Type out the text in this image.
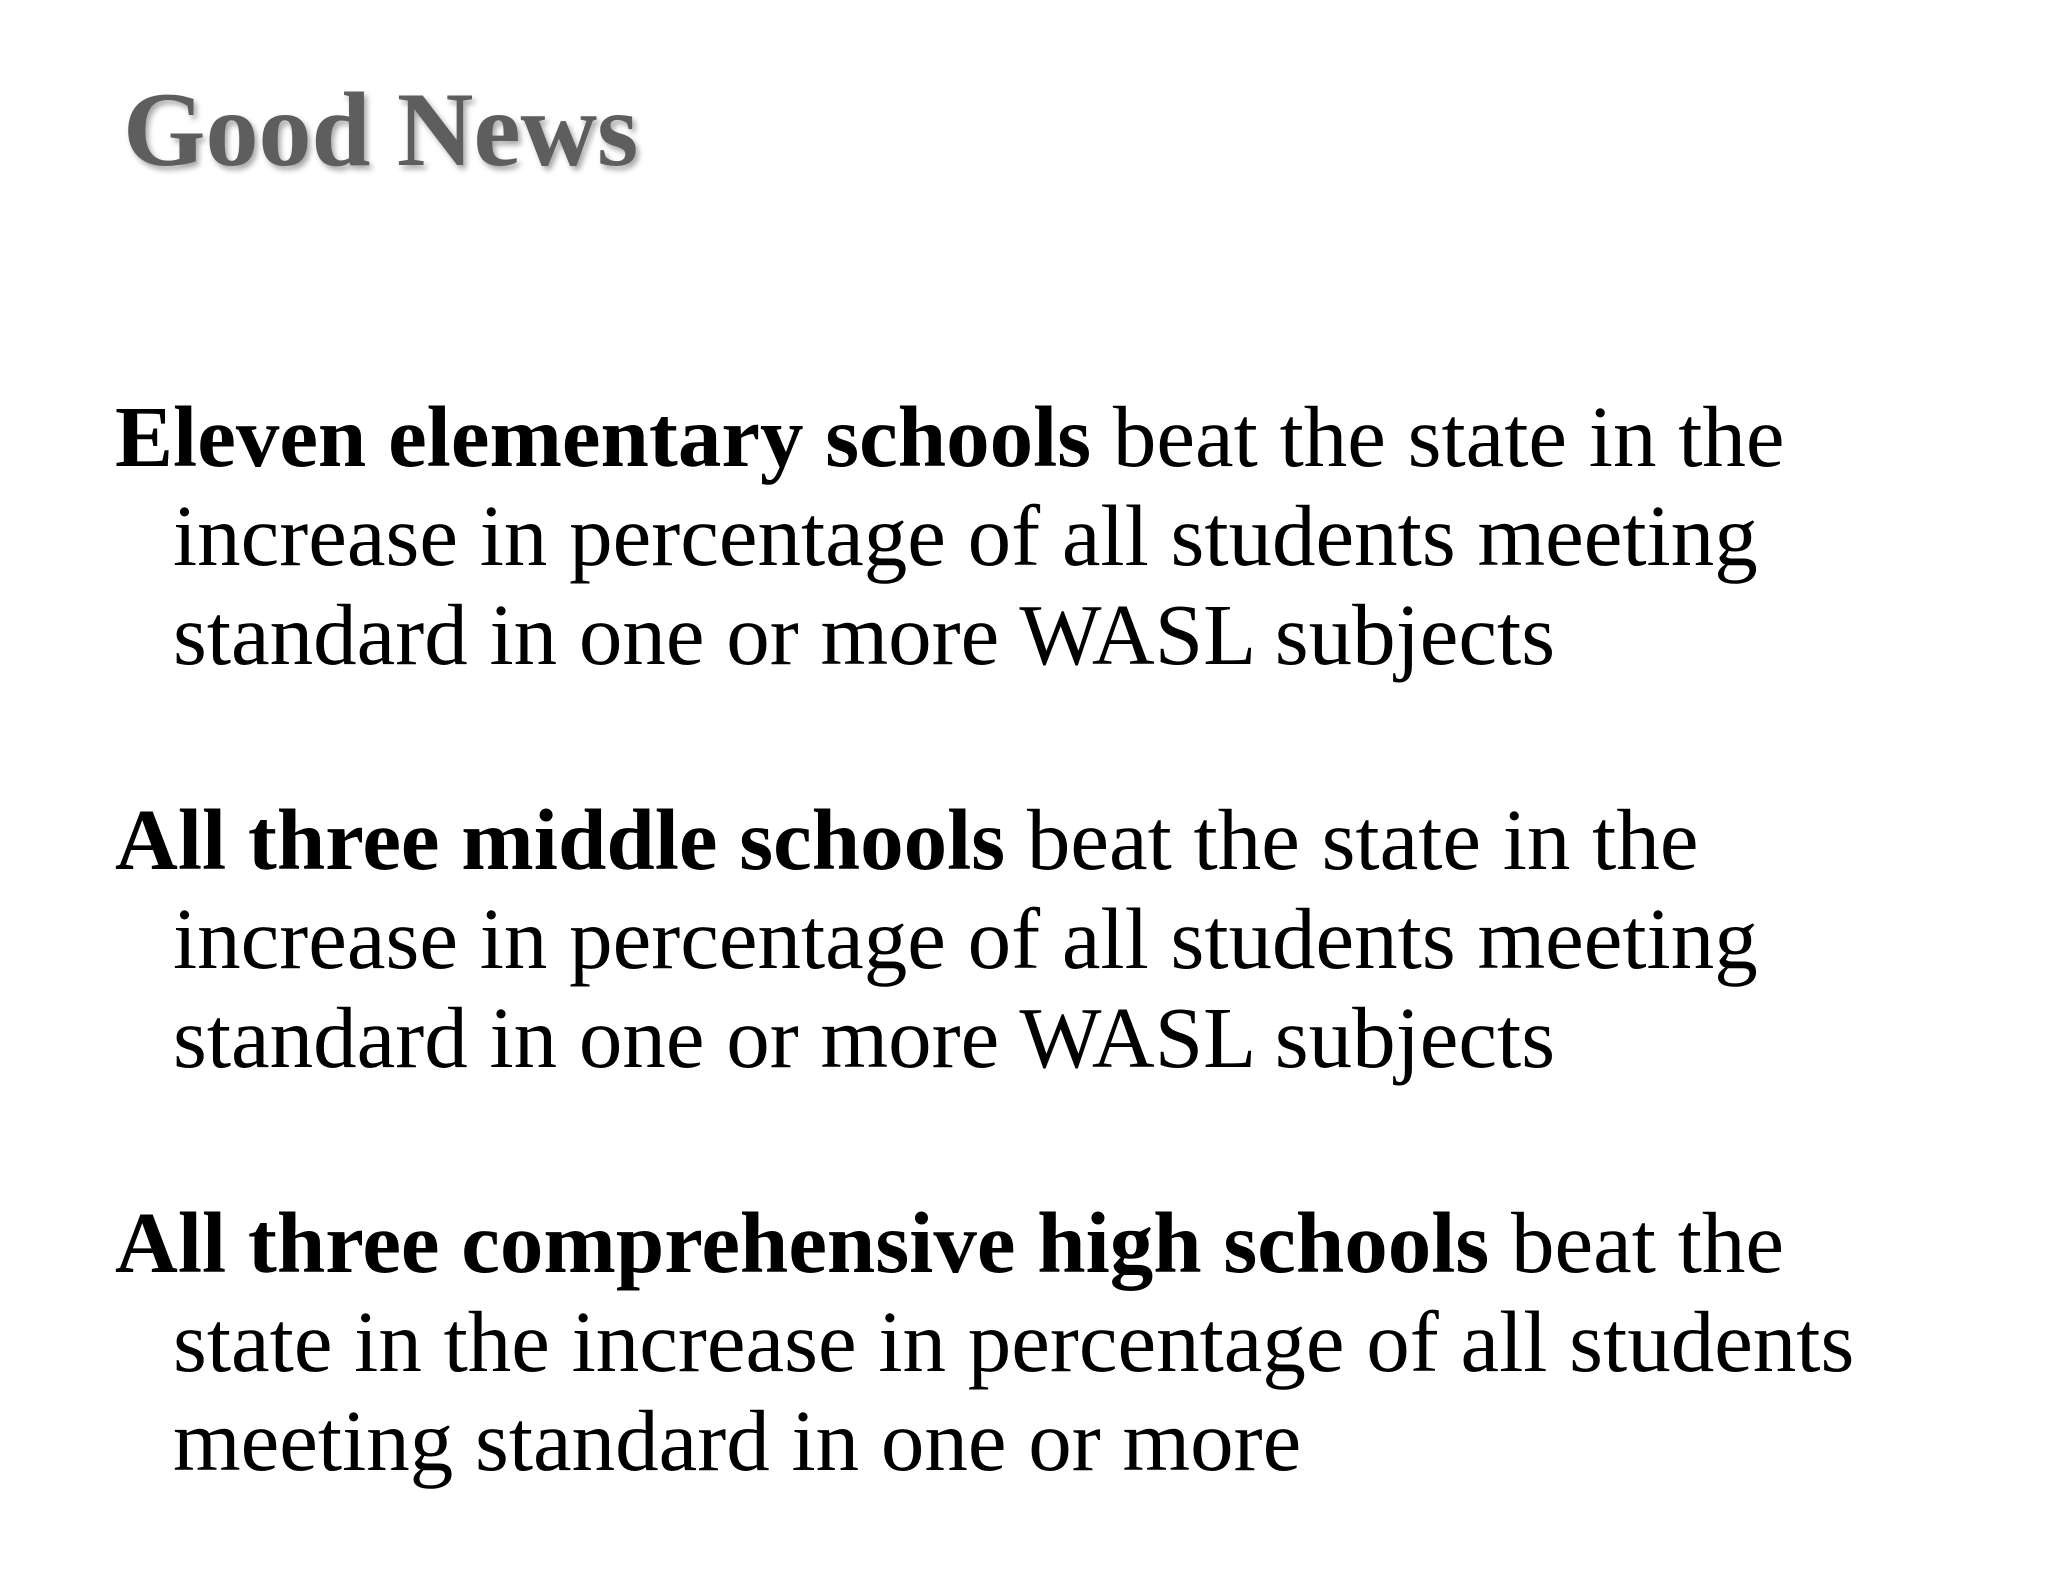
Good News
Eleven elementary schools beat the state in the increase in percentage of all students meeting standard in one or more WASL subjects
All three middle schools beat the state in the increase in percentage of all students meeting standard in one or more WASL subjects
All three comprehensive high schools beat the state in the increase in percentage of all students meeting standard in one or more
